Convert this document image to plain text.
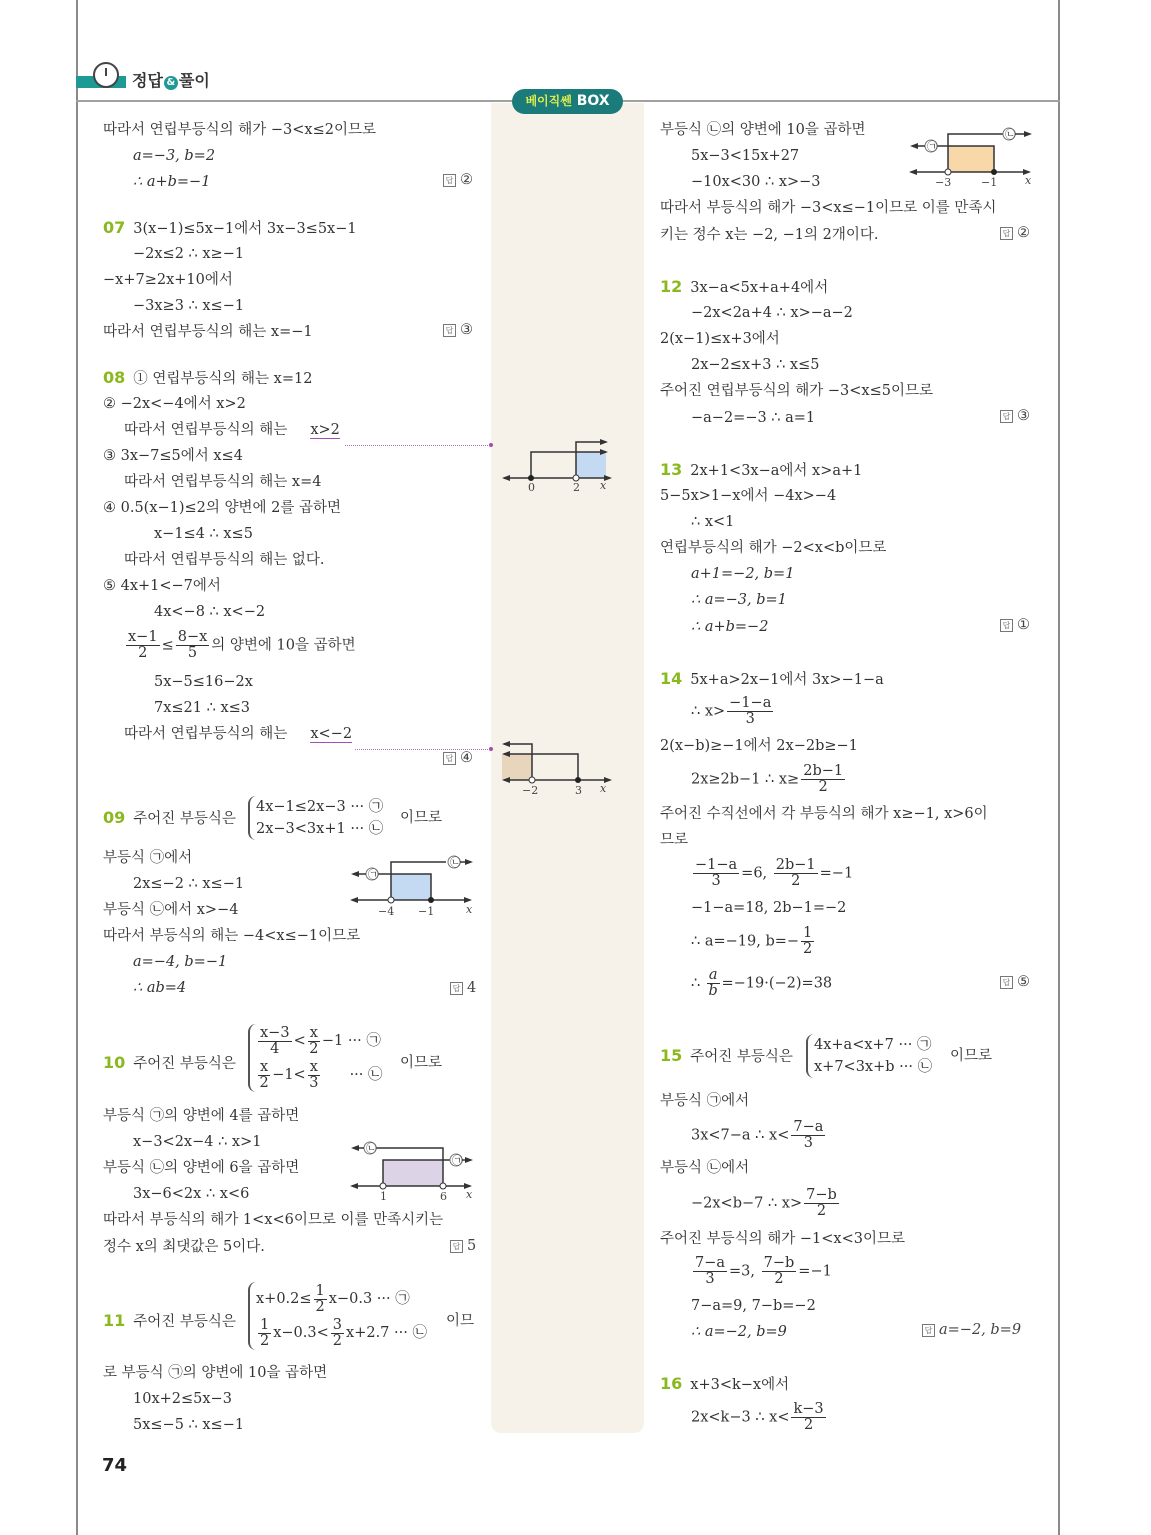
정답 & 풀이
베이직쎈 BOX
따라서 연립부등식의 해가 −3<x≤2이므로
a=−3, b=2
∴ a+b=−1	답 ②
07 3(x−1)≤5x−1에서 3x−3≤5x−1
−2x≤2 ∴ x≥−1
−x+7≥2x+10에서
−3x≥3 ∴ x≤−1
따라서 연립부등식의 해는 x=−1	답 ③
08 ① 연립부등식의 해는 x=12
② −2x<−4에서 x>2
따라서 연립부등식의 해는 x>2
③ 3x−7≤5에서 x≤4
따라서 연립부등식의 해는 x=4
④ 0.5(x−1)≤2의 양변에 2를 곱하면
x−1≤4 ∴ x≤5
따라서 연립부등식의 해는 없다.
⑤ 4x+1<−7에서
4x<−8 ∴ x<−2
$\frac{x-1}{2} \le \frac{8-x}{5}$ 의 양변에 10을 곱하면
5x−5≤16−2x
7x≤21 ∴ x≤3
따라서 연립부등식의 해는 x<−2
답 ④
09 주어진 부등식은
4x−1≤2x−3 ··· ㉠
2x−3<3x+1 ··· ㉡
이므로
부등식 ㉠에서
2x≤−2 ∴ x≤−1
부등식 ㉡에서 x>−4
따라서 부등식의 해는 −4<x≤−1이므로
a=−4, b=−1
∴ ab=4	답 4
10 주어진 부등식은
$\frac{x-3}{4} < \frac{x}{2} -1$ ··· ㉠
$\frac{x}{2} -1< \frac{x}{3}$ ··· ㉡
이므로
부등식 ㉠의 양변에 4를 곱하면
x−3<2x−4 ∴ x>1
부등식 ㉡의 양변에 6을 곱하면
3x−6<2x ∴ x<6
따라서 부등식의 해가 1<x<6이므로 이를 만족시키는
정수 x의 최댓값은 5이다.	답 5
11 주어진 부등식은
$x+0.2\le \frac{1}{2} x-0.3$ ··· ㉠
$\frac{1}{2} x-0.3< \frac{3}{2} x+2.7$ ··· ㉡
이므
로 부등식 ㉠의 양변에 10을 곱하면
10x+2≤5x−3
5x≤−5 ∴ x≤−1
74
0	2 x
−2	3 x
㉡
㉠
−4 −1	x
㉡
㉠
1	6 x
㉡
㉠
−3	−1	x
부등식 ㉡의 양변에 10을 곱하면
5x−3<15x+27
−10x<30 ∴ x>−3
따라서 부등식의 해가 −3<x≤−1이므로 이를 만족시
키는 정수 x는 −2, −1의 2개이다.	답 ②
12 3x−a<5x+a+4에서
−2x<2a+4 ∴ x>−a−2
2(x−1)≤x+3에서
2x−2≤x+3 ∴ x≤5
주어진 연립부등식의 해가 −3<x≤5이므로
−a−2=−3 ∴ a=1	답 ③
13 2x+1<3x−a에서 x>a+1
5−5x>1−x에서 −4x>−4
∴ x<1
연립부등식의 해가 −2<x<b이므로
a+1=−2, b=1
∴ a=−3, b=1
∴ a+b=−2	답 ①
14 5x+a>2x−1에서 3x>−1−a
∴ $x> \frac{-1-a}{3}$
2(x−b)≥−1에서 2x−2b≥−1
2x≥2b−1 ∴ $x\ge \frac{2b-1}{2}$
주어진 수직선에서 각 부등식의 해가 x≥−1, x>6이
므로
$\frac{-1-a}{3} =6$, $\frac{2b-1}{2} =-1$
−1−a=18, 2b−1=−2
∴ a=−19, $b=- \frac{1}{2}$
∴ $\frac{a}{b} =-19\cdot(-2)=38$	답 ⑤
15 주어진 부등식은
4x+a<x+7 ··· ㉠
x+7<3x+b ··· ㉡
이므로
부등식 ㉠에서
3x<7−a ∴ $x< \frac{7-a}{3}$
부등식 ㉡에서
−2x<b−7 ∴ $x> \frac{7-b}{2}$
주어진 부등식의 해가 −1<x<3이므로
$\frac{7-a}{3} =3$, $\frac{7-b}{2} =-1$
7−a=9, 7−b=−2
∴ a=−2, b=9	답 a=−2, b=9
16 x+3<k−x에서
2x<k−3 ∴ $x< \frac{k-3}{2}$
